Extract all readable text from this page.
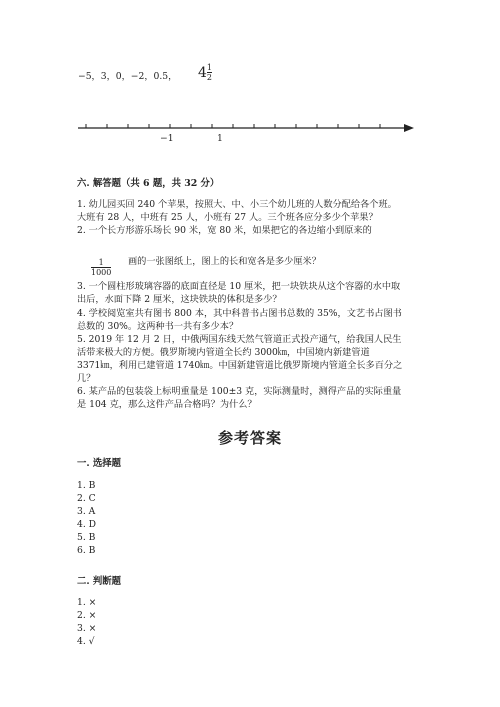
−5，3，0，−2，0.5， $4 \frac{1}{2}$
−1	1
六. 解答题（共 6 题，共 32 分）
1. 幼儿园买回 240 个苹果，按照大、中、小三个幼儿班的人数分配给各个班。
大班有 28 人，中班有 25 人，小班有 27 人。三个班各应分多少个苹果？
2. 一个长方形游乐场长 90 米，宽 80 米，如果把它的各边缩小到原来的
$\frac{1}{1000}$ 画的一张图纸上，图上的长和宽各是多少厘米？
3. 一个圆柱形玻璃容器的底面直径是 10 厘米，把一块铁块从这个容器的水中取
出后，水面下降 2 厘米，这块铁块的体积是多少？
4. 学校阅览室共有图书 800 本，其中科普书占图书总数的 35%，文艺书占图书
总数的 30%。这两种书一共有多少本？
5. 2019 年 12 月 2 日，中俄两国东线天然气管道正式投产通气，给我国人民生
活带来极大的方便。俄罗斯境内管道全长约 3000㎞，中国境内新建管道
3371㎞，利用已建管道 1740㎞。中国新建管道比俄罗斯境内管道全长多百分之
几？
6. 某产品的包装袋上标明重量是 100±3 克，实际测量时，测得产品的实际重量
是 104 克，那么这件产品合格吗？为什么？
参考答案
一. 选择题
1. B
2. C
3. A
4. D
5. B
6. B
二. 判断题
1. ×
2. ×
3. ×
4. √
